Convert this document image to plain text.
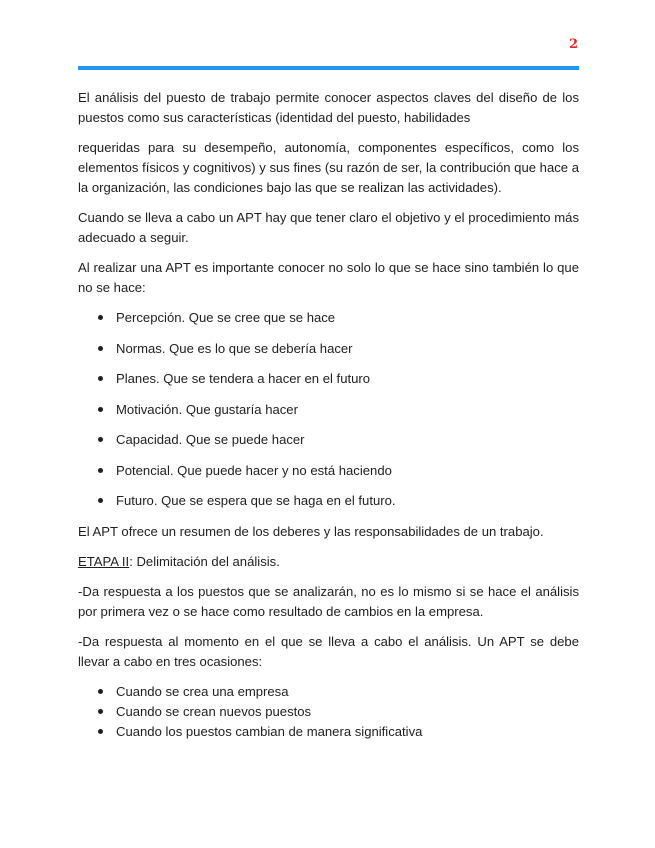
2

El análisis del puesto de trabajo permite conocer aspectos claves del diseño de los puestos como sus características (identidad del puesto, habilidades

requeridas para su desempeño, autonomía, componentes específicos, como los elementos físicos y cognitivos) y sus fines (su razón de ser, la contribución que hace a la organización, las condiciones bajo las que se realizan las actividades).

Cuando se lleva a cabo un APT hay que tener claro el objetivo y el procedimiento más adecuado a seguir.

Al realizar una APT es importante conocer no solo lo que se hace sino también lo que no se hace:

Percepción. Que se cree que se hace
Normas. Que es lo que se debería hacer
Planes. Que se tendera a hacer en el futuro
Motivación. Que gustaría hacer
Capacidad. Que se puede hacer
Potencial. Que puede hacer y no está haciendo
Futuro. Que se espera que se haga en el futuro.

El APT ofrece un resumen de los deberes y las responsabilidades de un trabajo.

ETAPA II: Delimitación del análisis.

-Da respuesta a los puestos que se analizarán, no es lo mismo si se hace el análisis por primera vez o se hace como resultado de cambios en la empresa.

-Da respuesta al momento en el que se lleva a cabo el análisis. Un APT se debe llevar a cabo en tres ocasiones:

Cuando se crea una empresa
Cuando se crean nuevos puestos
Cuando los puestos cambian de manera significativa
